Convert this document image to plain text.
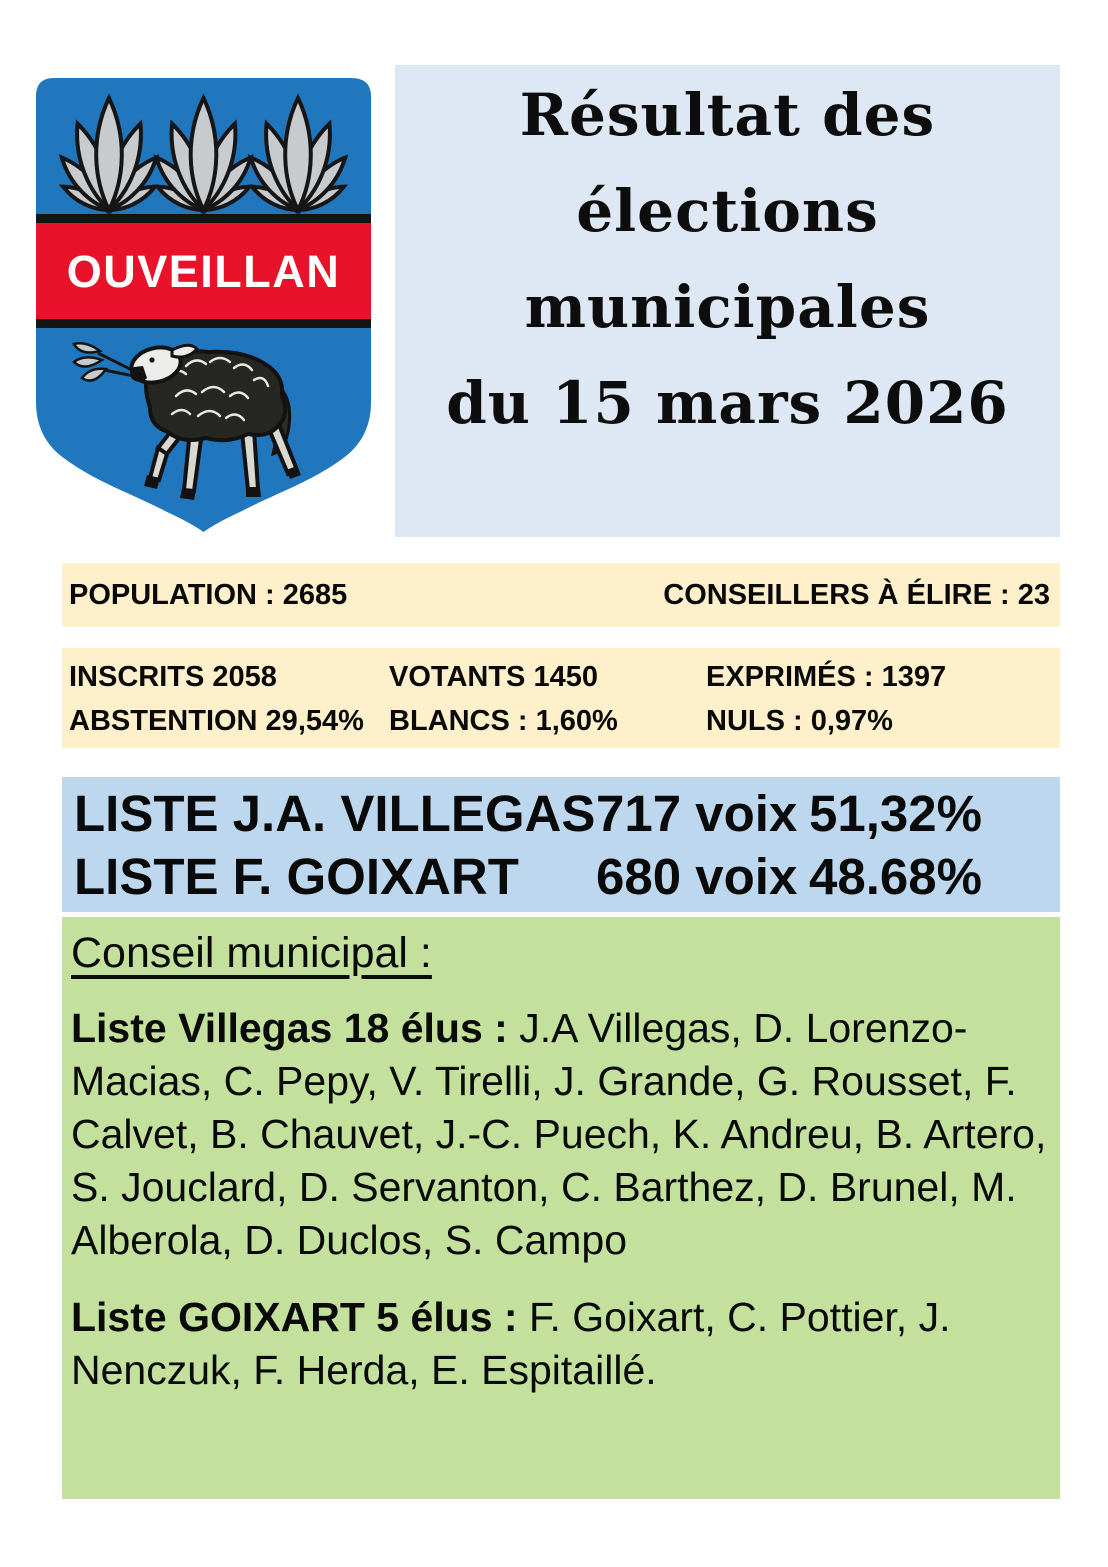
OUVEILLAN
Résultat des
élections
municipales
du 15 mars 2026
POPULATION : 2685	CONSEILLERS À ÉLIRE : 23
INSCRITS 2058	VOTANTS 1450	EXPRIMÉS : 1397
ABSTENTION 29,54% BLANCS : 1,60%	NULS : 0,97%
LISTE J.A. VILLEGAS 717 voix 51,32%
LISTE F. GOIXART	680 voix 48.68%
Conseil municipal :

Liste Villegas 18 élus : J.A Villegas, D. Lorenzo-Macias, C. Pepy, V. Tirelli, J. Grande, G. Rousset, F. Calvet, B. Chauvet, J.-C. Puech, K. Andreu, B. Artero, S. Jouclard, D. Servanton, C. Barthez, D. Brunel, M. Alberola, D. Duclos, S. Campo

Liste GOIXART 5 élus : F. Goixart, C. Pottier, J. Nenczuk, F. Herda, E. Espitaillé.
